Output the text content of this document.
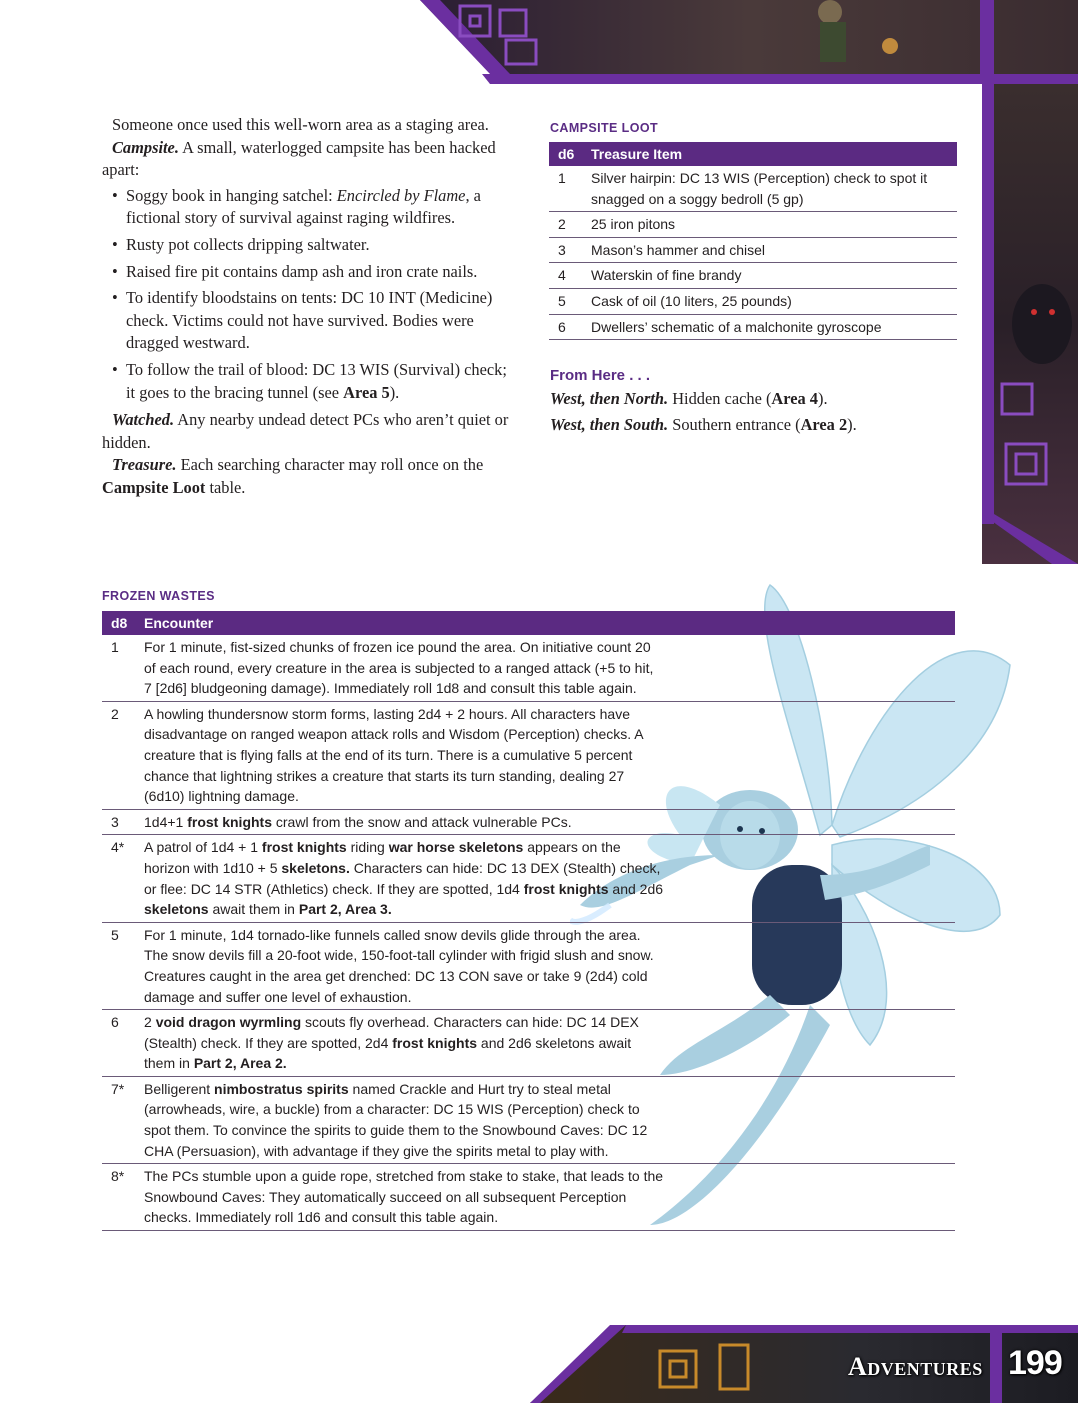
Someone once used this well-worn area as a staging area.

Campsite. A small, waterlogged campsite has been hacked apart:

• Soggy book in hanging satchel: Encircled by Flame, a fictional story of survival against raging wildfires.
• Rusty pot collects dripping saltwater.
• Raised fire pit contains damp ash and iron crate nails.
• To identify bloodstains on tents: DC 10 INT (Medicine) check. Victims could not have survived. Bodies were dragged westward.
• To follow the trail of blood: DC 13 WIS (Survival) check; it goes to the bracing tunnel (see Area 5).

Watched. Any nearby undead detect PCs who aren’t quiet or hidden.

Treasure. Each searching character may roll once on the Campsite Loot table.

CAMPSITE LOOT
d6	Treasure Item
1	Silver hairpin: DC 13 WIS (Perception) check to spot it snagged on a soggy bedroll (5 gp)
2	25 iron pitons
3	Mason’s hammer and chisel
4	Waterskin of fine brandy
5	Cask of oil (10 liters, 25 pounds)
6	Dwellers’ schematic of a malchonite gyroscope
From Here . . .

West, then North. Hidden cache (Area 4).

West, then South. Southern entrance (Area 2).

FROZEN WASTES
d8	Encounter
1	For 1 minute, fist-sized chunks of frozen ice pound the area. On initiative count 20 of each round, every creature in the area is subjected to a ranged attack (+5 to hit, 7 [2d6] bludgeoning damage). Immediately roll 1d8 and consult this table again.
2	A howling thundersnow storm forms, lasting 2d4 + 2 hours. All characters have disadvantage on ranged weapon attack rolls and Wisdom (Perception) checks. A creature that is flying falls at the end of its turn. There is a cumulative 5 percent chance that lightning strikes a creature that starts its turn standing, dealing 27 (6d10) lightning damage.
3	1d4+1 frost knights crawl from the snow and attack vulnerable PCs.
4*	A patrol of 1d4 + 1 frost knights riding war horse skeletons appears on the horizon with 1d10 + 5 skeletons. Characters can hide: DC 13 DEX (Stealth) check, or flee: DC 14 STR (Athletics) check. If they are spotted, 1d4 frost knights and 2d6 skeletons await them in Part 2, Area 3.
5	For 1 minute, 1d4 tornado-like funnels called snow devils glide through the area. The snow devils fill a 20-foot wide, 150-foot-tall cylinder with frigid slush and snow. Creatures caught in the area get drenched: DC 13 CON save or take 9 (2d4) cold damage and suffer one level of exhaustion.
6	2 void dragon wyrmling scouts fly overhead. Characters can hide: DC 14 DEX (Stealth) check. If they are spotted, 2d4 frost knights and 2d6 skeletons await them in Part 2, Area 2.
7*	Belligerent nimbostratus spirits named Crackle and Hurt try to steal metal (arrowheads, wire, a buckle) from a character: DC 15 WIS (Perception) check to spot them. To convince the spirits to guide them to the Snowbound Caves: DC 12 CHA (Persuasion), with advantage if they give the spirits metal to play with.
8*	The PCs stumble upon a guide rope, stretched from stake to stake, that leads to the Snowbound Caves: They automatically succeed on all subsequent Perception checks. Immediately roll 1d6 and consult this table again.
Adventures 199
